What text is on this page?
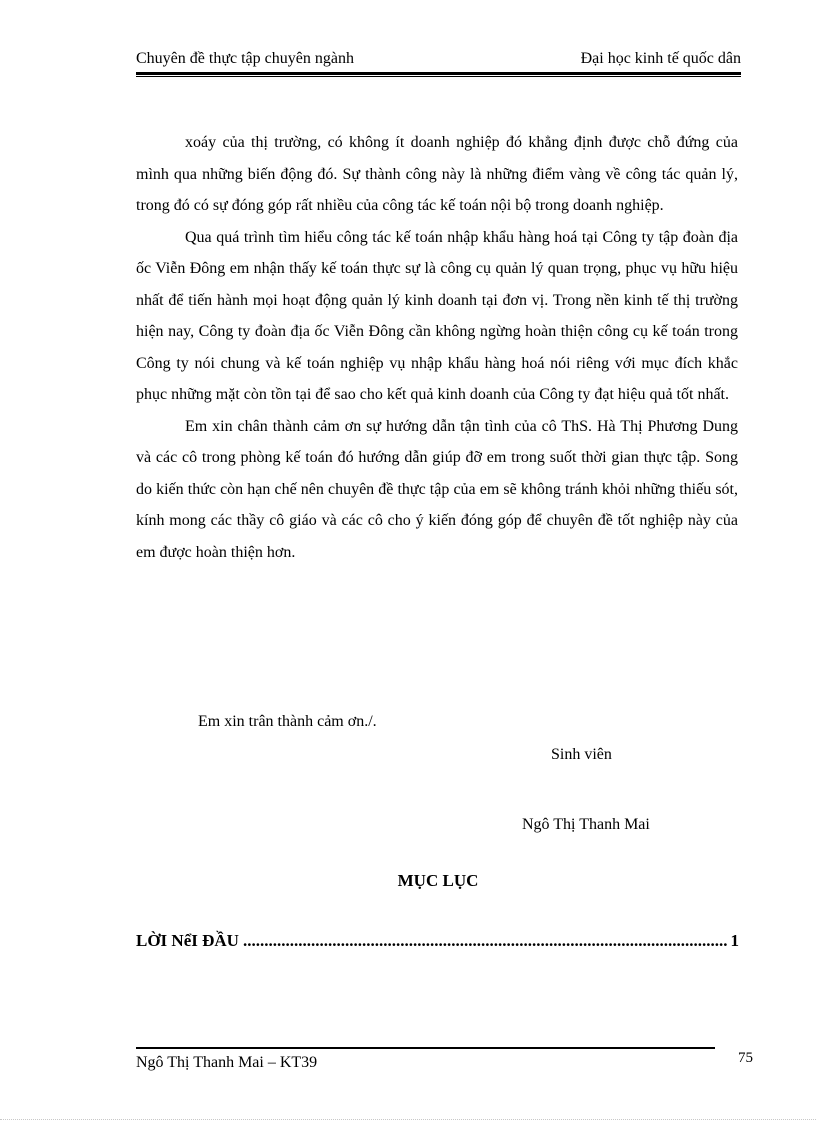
Chuyên đề thực tập chuyên ngành	Đại học kinh tế quốc dân

xoáy của thị trường, có không ít doanh nghiệp đó khẳng định được chỗ đứng của mình qua những biến động đó. Sự thành công này là những điểm vàng về công tác quản lý, trong đó có sự đóng góp rất nhiều của công tác kế toán nội bộ trong doanh nghiệp.

Qua quá trình tìm hiểu công tác kế toán nhập khẩu hàng hoá tại Công ty tập đoàn địa ốc Viễn Đông em nhận thấy kế toán thực sự là công cụ quản lý quan trọng, phục vụ hữu hiệu nhất để tiến hành mọi hoạt động quản lý kinh doanh tại đơn vị. Trong nền kinh tế thị trường hiện nay, Công ty đoàn địa ốc Viễn Đông cần không ngừng hoàn thiện công cụ kế toán trong Công ty nói chung và kế toán nghiệp vụ nhập khẩu hàng hoá nói riêng với mục đích khắc phục những mặt còn tồn tại để sao cho kết quả kinh doanh của Công ty đạt hiệu quả tốt nhất.

Em xin chân thành cảm ơn sự hướng dẫn tận tình của cô ThS. Hà Thị Phương Dung và các cô trong phòng kế toán đó hướng dẫn giúp đỡ em trong suốt thời gian thực tập. Song do kiến thức còn hạn chế nên chuyên đề thực tập của em sẽ không tránh khỏi những thiếu sót, kính mong các thầy cô giáo và các cô cho ý kiến đóng góp để chuyên đề tốt nghiệp này của em được hoàn thiện hơn.

Em xin trân thành cảm ơn./.
Sinh viên
Ngô Thị Thanh Mai
MỤC LỤC
LỜI NểI ĐẦU
.....	1
Ngô Thị Thanh Mai – KT39	75
